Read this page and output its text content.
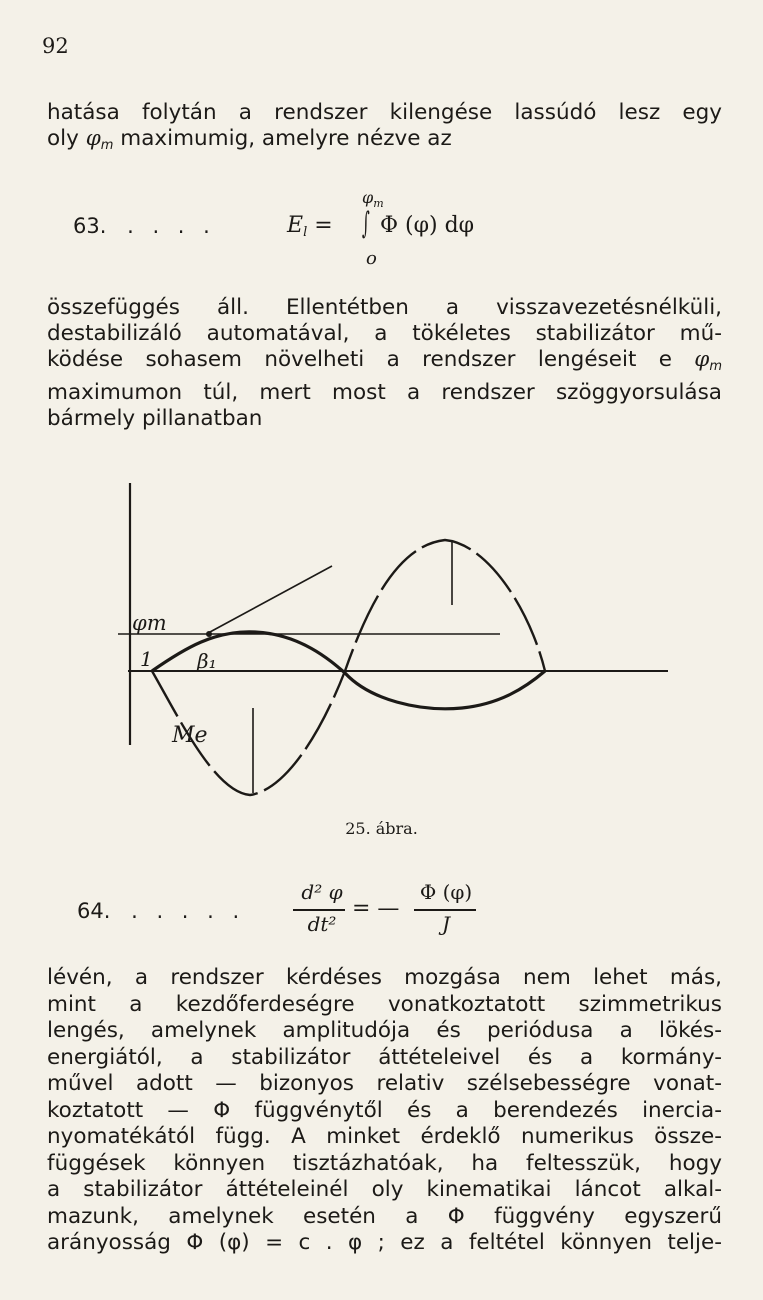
92

hatása folytán a rendszer kilengése lassúdó lesz egy
oly φm maximumig, amelyre nézve az

63. . . . .	El = ∫
$\varphi_m$
o
Φ (φ) dφ

összefüggés áll. Ellentétben a visszavezetésnélküli,
destabilizáló automatával, a tökéletes stabilizátor mű-
ködése sohasem növelheti a rendszer lengéseit e φm
maximumon túl, mert most a rendszer szöggyorsulása
bármely pillanatban

φm
1 β₁
Me
25. ábra.
64. . . . . .
d² φ
dt²
= —
Φ (φ)
J

lévén, a rendszer kérdéses mozgása nem lehet más,
mint a kezdőferdeségre vonatkoztatott szimmetrikus
lengés, amelynek amplitudója és periódusa a lökés-
energiától, a stabilizátor áttételeivel és a kormány-
művel adott — bizonyos relativ szélsebességre vonat-
koztatott — Φ függvénytől és a berendezés inercia-
nyomatékától függ. A minket érdeklő numerikus össze-
függések könnyen tisztázhatóak, ha feltesszük, hogy
a stabilizátor áttételeinél oly kinematikai láncot alkal-
mazunk, amelynek esetén a Φ függvény egyszerű
arányosság Φ (φ) = c . φ ; ez a feltétel könnyen telje-
